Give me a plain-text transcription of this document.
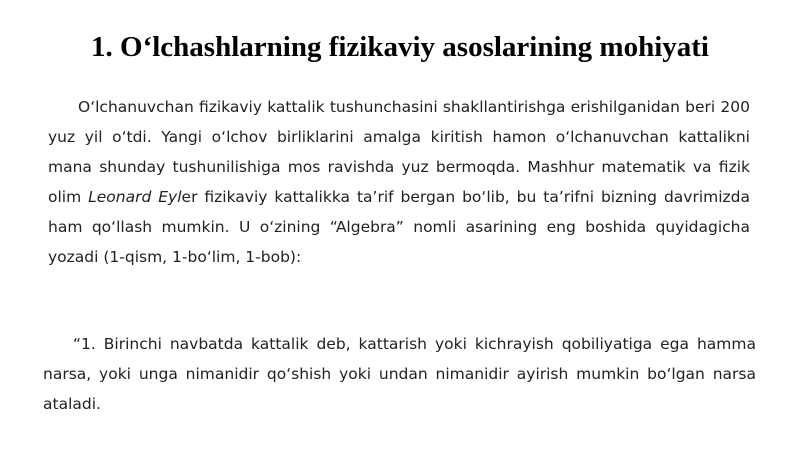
1. O‘lchashlarning fizikaviy asoslarining mohiyati

O‘lchanuvchan fizikaviy kattalik tushunchasini shakllantirishga erishilganidan beri 200 yuz yil o‘tdi. Yangi o‘lchov birliklarini amalga kiritish hamon o‘lchanuvchan kattalikni mana shunday tushunilishiga mos ravishda yuz bermoqda. Mashhur matematik va fizik olim Leonard Eyler fizikaviy kattalikka ta’rif bergan bo‘lib, bu ta’rifni bizning davrimizda ham qo‘llash mumkin. U o‘zining “Algebra” nomli asarining eng boshida quyidagicha yozadi (1-qism, 1-bo‘lim, 1-bob):

“1. Birinchi navbatda kattalik deb, kattarish yoki kichrayish qobiliyatiga ega hamma narsa, yoki unga nimanidir qo‘shish yoki undan nimanidir ayirish mumkin bo‘lgan narsa ataladi.
